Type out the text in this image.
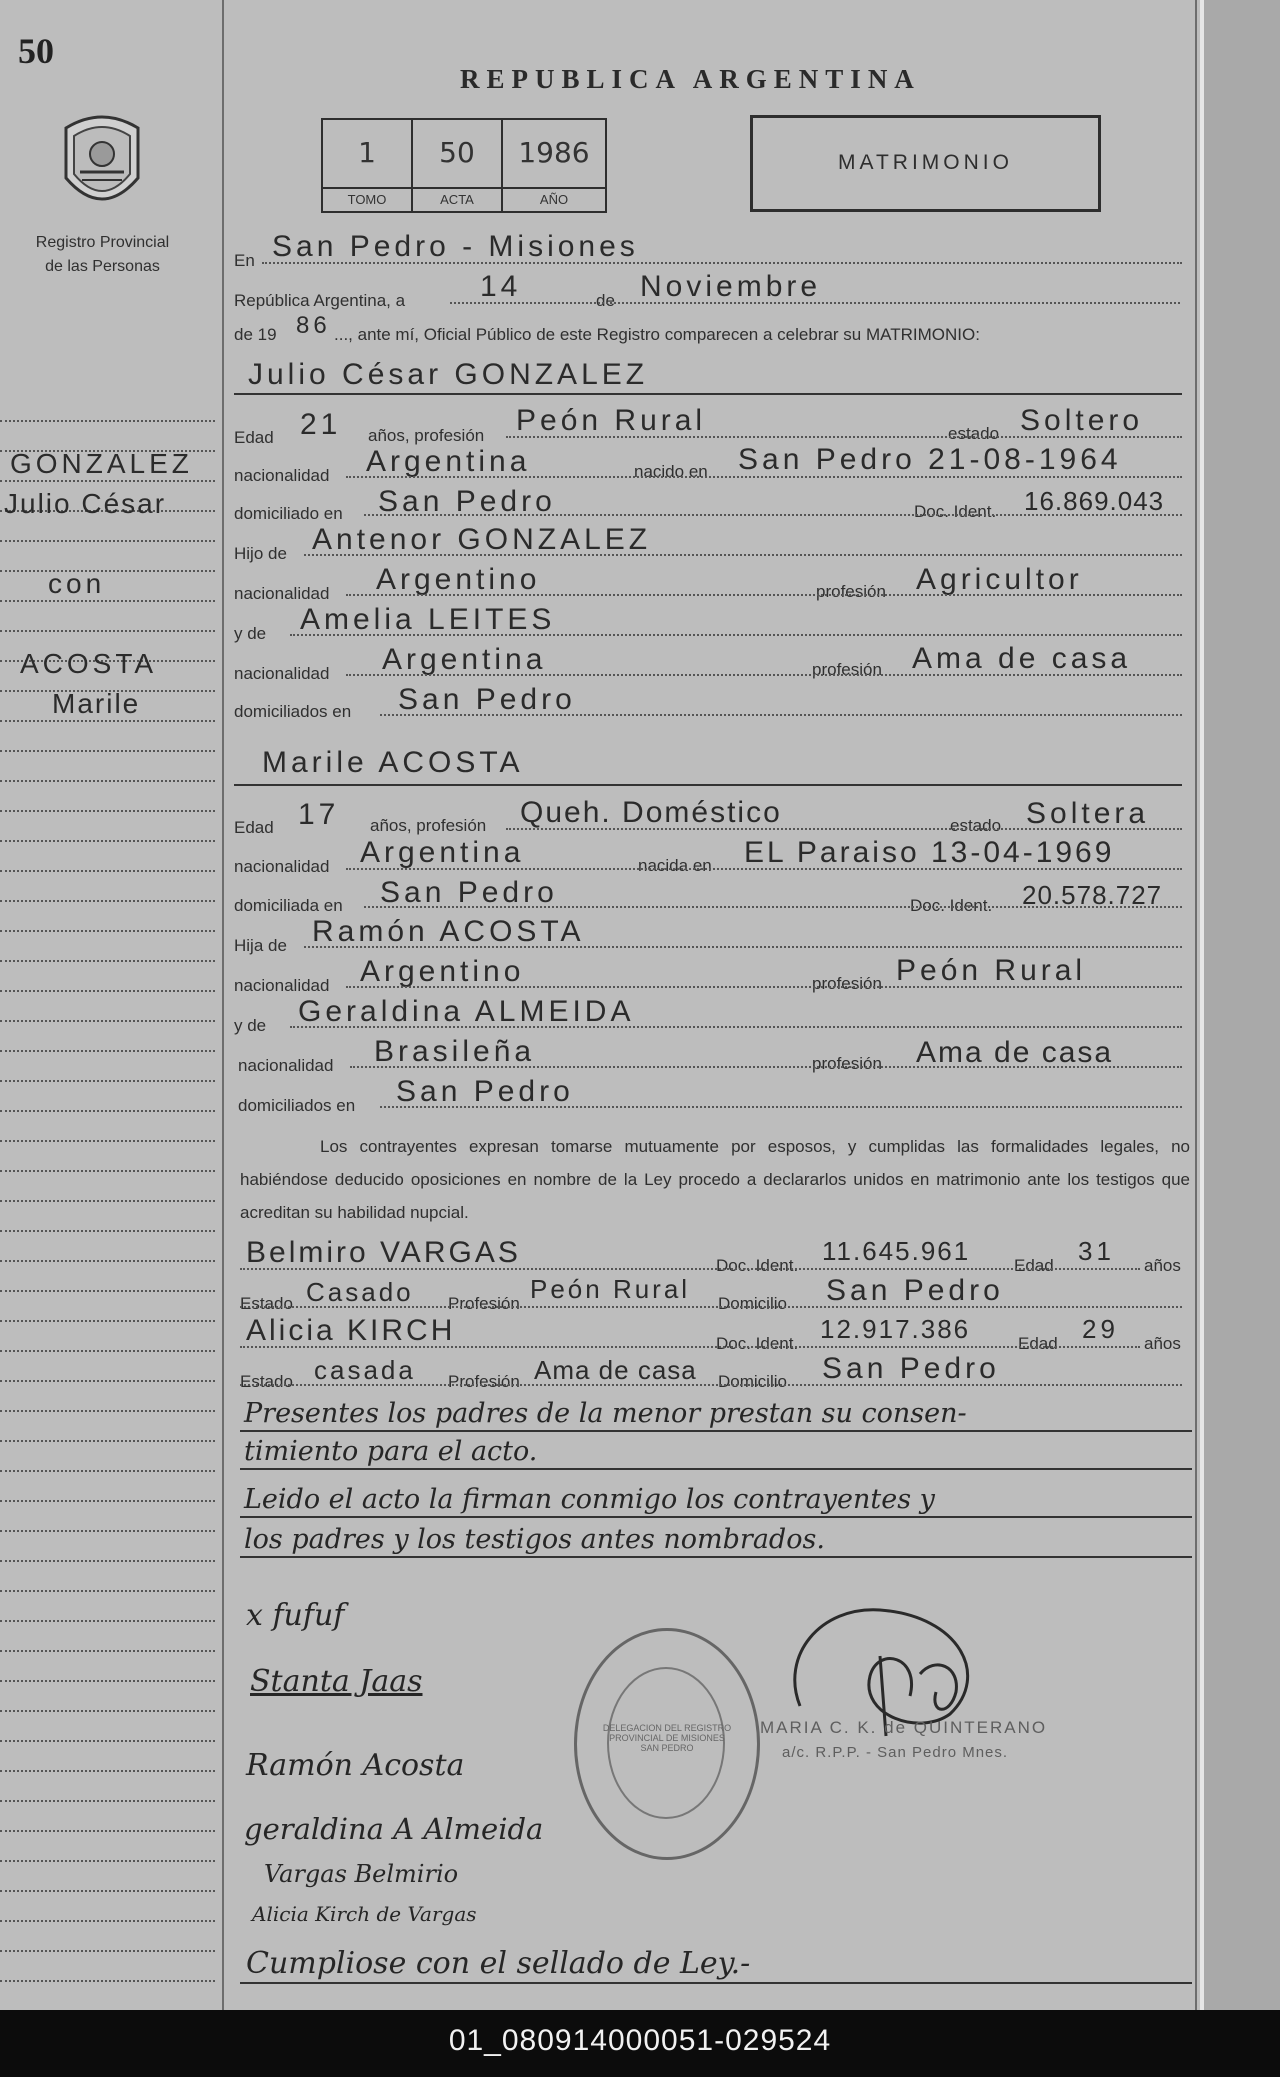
50
Registro Provincial
de las Personas
GONZALEZ
Julio César
con
ACOSTA
Marile
REPUBLICA ARGENTINA
1
TOMO
50
ACTA
1986
AÑO
MATRIMONIO
En San Pedro - Misiones
República Argentina, a 14	de Noviembre
de 19 86 ..., ante mí, Oficial Público de este Registro comparecen a celebrar su MATRIMONIO:
Julio César GONZALEZ
Edad 21 años, profesión Peón Rural	estado Soltero
nacionalidad Argentina	nacido en San Pedro 21-08-1964
domiciliado en San Pedro	Doc. Ident. 16.869.043
Hijo de Antenor GONZALEZ
nacionalidad Argentino	profesión Agricultor
y de Amelia LEITES
nacionalidad Argentina	profesión Ama de casa
domiciliados en San Pedro
Marile ACOSTA
Edad 17 años, profesión Queh. Doméstico	estado Soltera
nacionalidad Argentina	nacida en EL Paraiso 13-04-1969
domiciliada en San Pedro	Doc. Ident. 20.578.727
Hija de Ramón ACOSTA
nacionalidad Argentino	profesión Peón Rural
y de Geraldina ALMEIDA
nacionalidad Brasileña	profesión Ama de casa
domiciliados en San Pedro
Los contrayentes expresan tomarse mutuamente por esposos, y cumplidas las formalidades legales, no habiéndose deducido oposiciones en nombre de la Ley procedo a declararlos unidos en matrimonio ante los testigos que acreditan su habilidad nupcial.
Belmiro VARGAS	Doc. Ident. 11.645.961	Edad 31 años
Estado Casado Profesión Peón Rural Domicilio San Pedro
Alicia KIRCH	Doc. Ident. 12.917.386	Edad 29 años
Estado casada Profesión Ama de casa Domicilio San Pedro
Presentes los padres de la menor prestan su consen-
timiento para el acto.
Leido el acto la firman conmigo los contrayentes y
los padres y los testigos antes nombrados.
x fufuf
Stanta Jaas
Ramón Acosta
geraldina A Almeida
Vargas Belmirio
Alicia Kirch de Vargas
DELEGACION DEL REGISTRO PROVINCIAL DE MISIONES SAN PEDRO
MARIA C. K. de QUINTERANO
a/c. R.P.P. - San Pedro Mnes.
Cumpliose con el sellado de Ley.-
01_080914000051-029524
